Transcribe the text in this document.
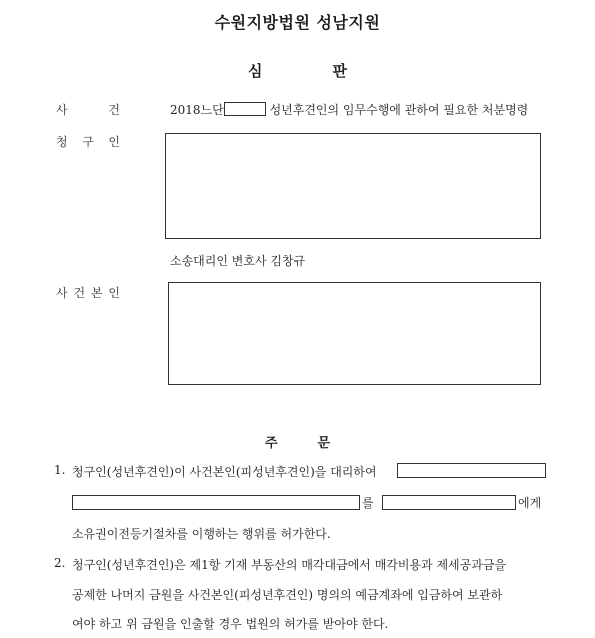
수원지방법원 성남지원
심	판
사	건	2018느단	성년후견인의 임무수행에 관하여 필요한 처분명령
청 구 인
소송대리인 변호사 김창규
사 건 본 인
주	문
1. 청구인(성년후견인)이 사건본인(피성년후견인)을 대리하여
를	에게
소유권이전등기절차를 이행하는 행위를 허가한다.
2. 청구인(성년후견인)은 제1항 기재 부동산의 매각대금에서 매각비용과 제세공과금을
공제한 나머지 금원을 사건본인(피성년후견인) 명의의 예금계좌에 입금하여 보관하
여야 하고 위 금원을 인출할 경우 법원의 허가를 받아야 한다.
